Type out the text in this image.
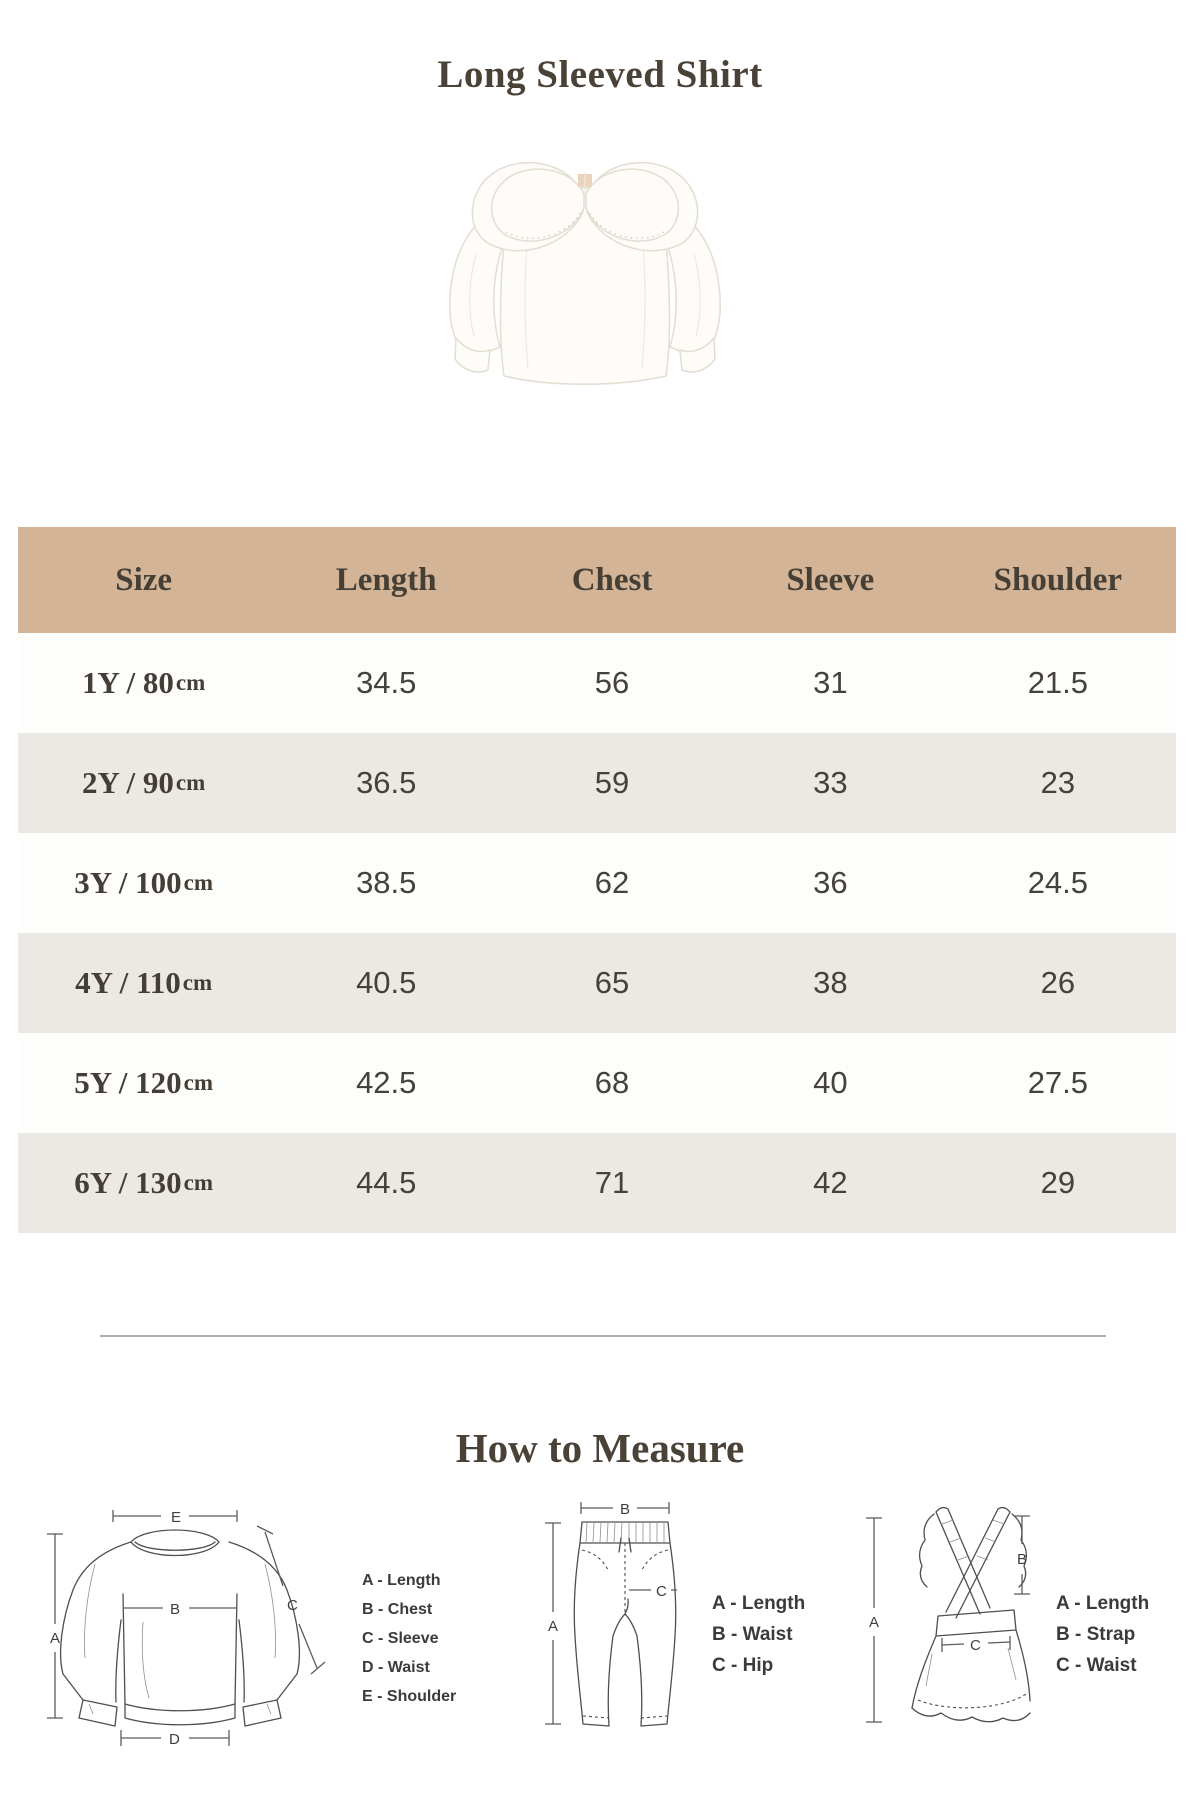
Long Sleeved Shirt
Size	Length	Chest	Sleeve	Shoulder
1Y / 80 cm	34.5	56	31	21.5
2Y / 90 cm	36.5	59	33	23
3Y / 100 cm	38.5	62	36	24.5
4Y / 110 cm	40.5	65	38	26
5Y / 120 cm	42.5	68	40	27.5
6Y / 130 cm	44.5	71	42	29
How to Measure
E
A
B	C
D
A - Length
B - Chest
C - Sleeve
D - Waist
E - Shoulder
B
A
C
A - Length
B - Waist
C - Hip
A
B
C
A - Length
B - Strap
C - Waist
